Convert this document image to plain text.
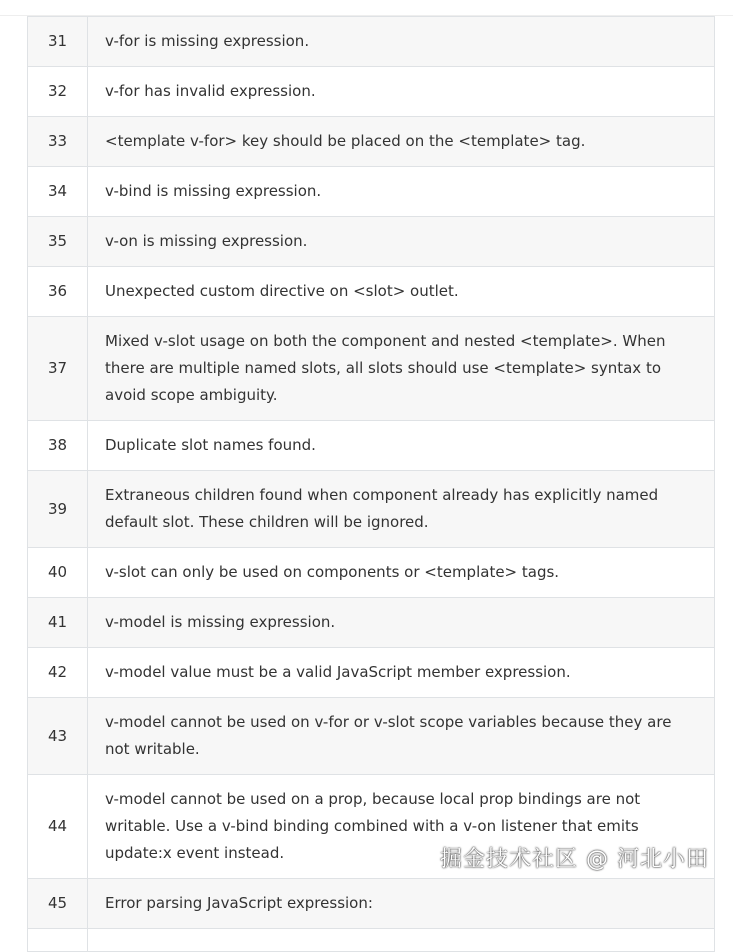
31	v-for is missing expression.
32	v-for has invalid expression.
33	<template v-for> key should be placed on the <template> tag.
34	v-bind is missing expression.
35	v-on is missing expression.
36	Unexpected custom directive on <slot> outlet.
37	Mixed v-slot usage on both the component and nested <template>. When there are multiple named slots, all slots should use <template> syntax to avoid scope ambiguity.
38	Duplicate slot names found.
39	Extraneous children found when component already has explicitly named default slot. These children will be ignored.
40	v-slot can only be used on components or <template> tags.
41	v-model is missing expression.
42	v-model value must be a valid JavaScript member expression.
43	v-model cannot be used on v-for or v-slot scope variables because they are not writable.
44	v-model cannot be used on a prop, because local prop bindings are not writable. Use a v-bind binding combined with a v-on listener that emits update:x event instead.
45	Error parsing JavaScript expression:

掘金技术社区 @ 河北小田
